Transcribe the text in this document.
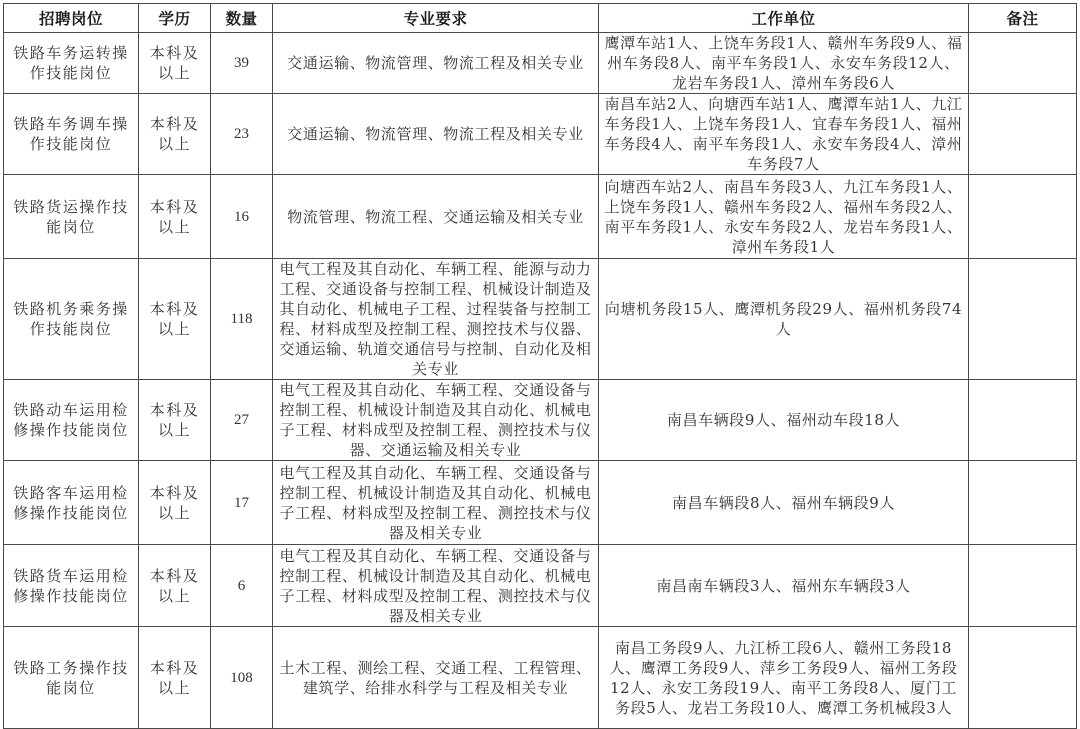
招聘岗位	学历	数量	专业要求	工作单位	备注
铁路车务运转操作技能岗位	本科及以上	39	交通运输、物流管理、物流工程及相关专业	鹰潭车站1人、上饶车务段1人、赣州车务段9人、福州车务段8人、南平车务段1人、永安车务段12人、龙岩车务段1人、漳州车务段6人	
铁路车务调车操作技能岗位	本科及以上	23	交通运输、物流管理、物流工程及相关专业	南昌车站2人、向塘西车站1人、鹰潭车站1人、九江车务段1人、上饶车务段1人、宜春车务段1人、福州车务段4人、南平车务段1人、永安车务段4人、漳州车务段7人	
铁路货运操作技能岗位	本科及以上	16	物流管理、物流工程、交通运输及相关专业	向塘西车站2人、南昌车务段3人、九江车务段1人、上饶车务段1人、赣州车务段2人、福州车务段2人、南平车务段1人、永安车务段2人、龙岩车务段1人、漳州车务段1人	
铁路机务乘务操作技能岗位	本科及以上	118	电气工程及其自动化、车辆工程、能源与动力工程、交通设备与控制工程、机械设计制造及其自动化、机械电子工程、过程装备与控制工程、材料成型及控制工程、测控技术与仪器、交通运输、轨道交通信号与控制、自动化及相关专业	向塘机务段15人、鹰潭机务段29人、福州机务段74人	
铁路动车运用检修操作技能岗位	本科及以上	27	电气工程及其自动化、车辆工程、交通设备与控制工程、机械设计制造及其自动化、机械电子工程、材料成型及控制工程、测控技术与仪器、交通运输及相关专业	南昌车辆段9人、福州动车段18人	
铁路客车运用检修操作技能岗位	本科及以上	17	电气工程及其自动化、车辆工程、交通设备与控制工程、机械设计制造及其自动化、机械电子工程、材料成型及控制工程、测控技术与仪器及相关专业	南昌车辆段8人、福州车辆段9人	
铁路货车运用检修操作技能岗位	本科及以上	6	电气工程及其自动化、车辆工程、交通设备与控制工程、机械设计制造及其自动化、机械电子工程、材料成型及控制工程、测控技术与仪器及相关专业	南昌南车辆段3人、福州东车辆段3人	
铁路工务操作技能岗位	本科及以上	108	土木工程、测绘工程、交通工程、工程管理、建筑学、给排水科学与工程及相关专业	南昌工务段9人、九江桥工段6人、赣州工务段18人、鹰潭工务段9人、萍乡工务段9人、福州工务段12人、永安工务段19人、南平工务段8人、厦门工务段5人、龙岩工务段10人、鹰潭工务机械段3人	
